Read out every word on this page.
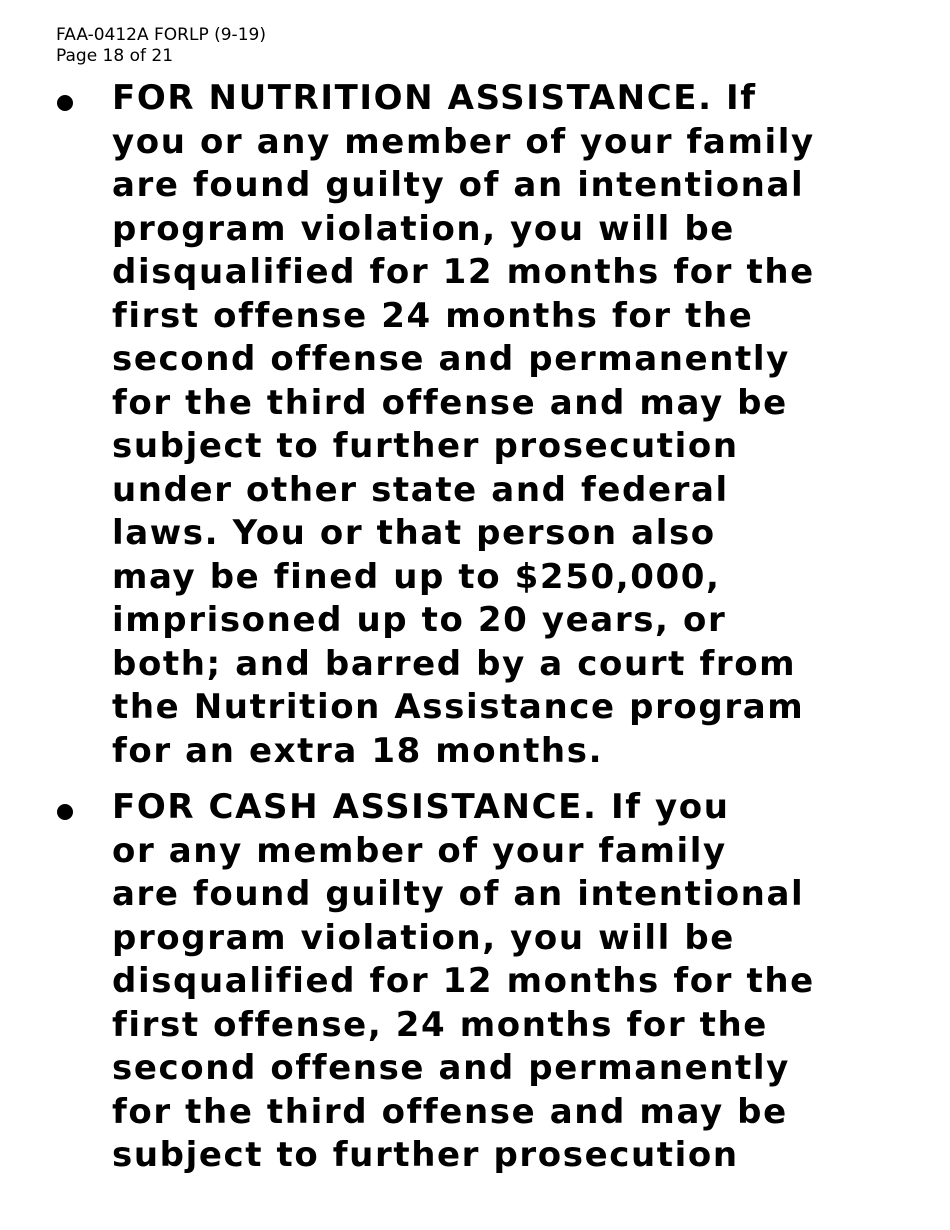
FAA-0412A FORLP (9-19)
Page 18 of 21
FOR NUTRITION ASSISTANCE. If
you or any member of your family
are found guilty of an intentional
program violation, you will be
disqualified for 12 months for the
first offense 24 months for the
second offense and permanently
for the third offense and may be
subject to further prosecution
under other state and federal
laws. You or that person also
may be fined up to $250,000,
imprisoned up to 20 years, or
both; and barred by a court from
the Nutrition Assistance program
for an extra 18 months.
FOR CASH ASSISTANCE. If you
or any member of your family
are found guilty of an intentional
program violation, you will be
disqualified for 12 months for the
first offense, 24 months for the
second offense and permanently
for the third offense and may be
subject to further prosecution
